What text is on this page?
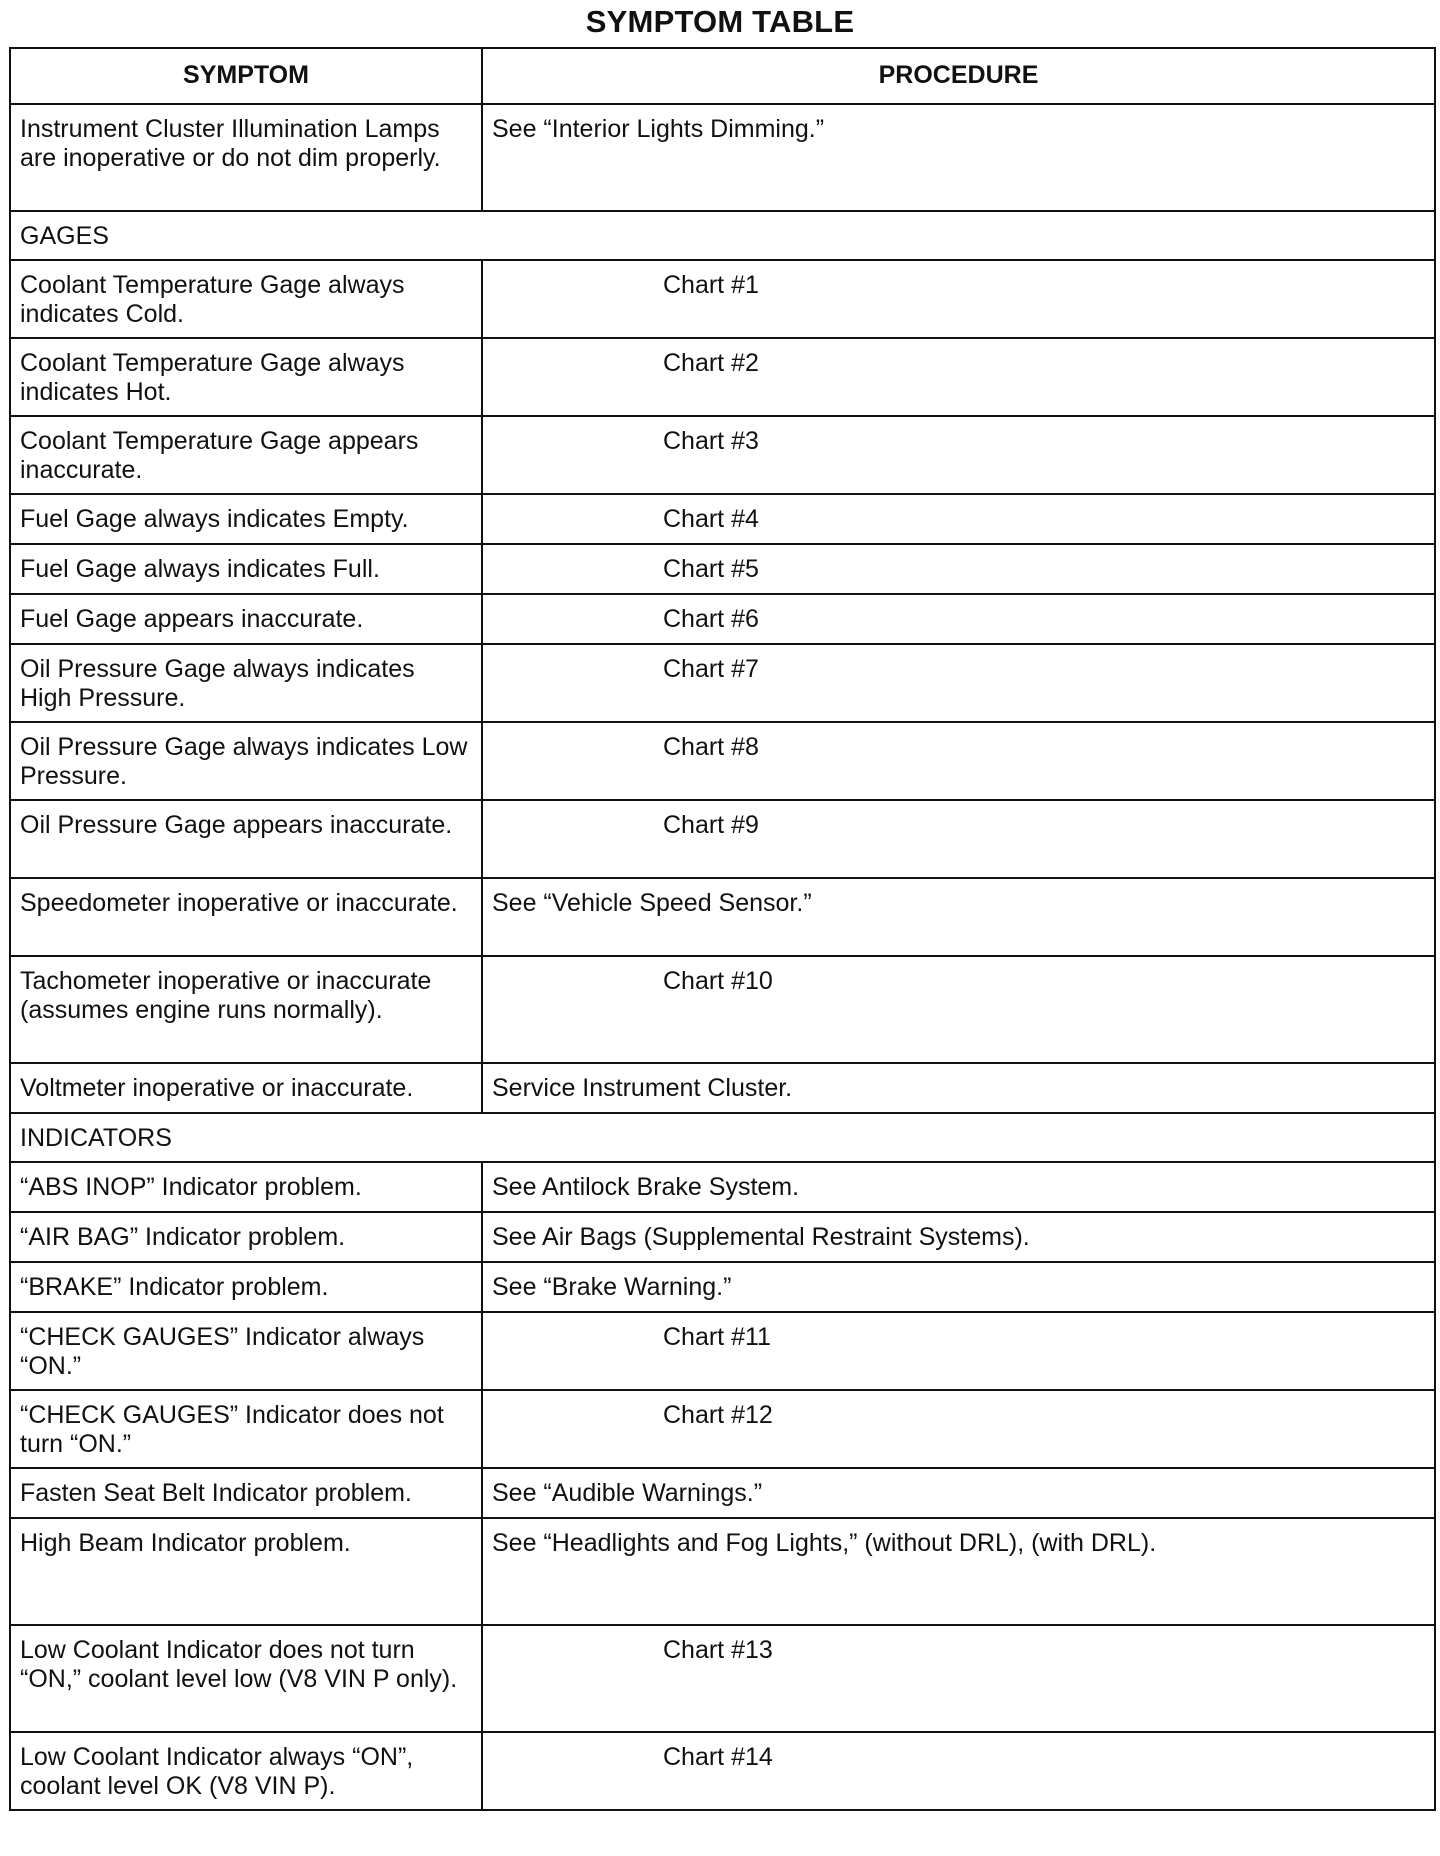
SYMPTOM TABLE
SYMPTOM	PROCEDURE
Instrument Cluster Illumination Lamps are inoperative or do not dim properly.	See “Interior Lights Dimming.”
GAGES	
Coolant Temperature Gage always indicates Cold.	Chart #1
Coolant Temperature Gage always indicates Hot.	Chart #2
Coolant Temperature Gage appears inaccurate.	Chart #3
Fuel Gage always indicates Empty.	Chart #4
Fuel Gage always indicates Full.	Chart #5
Fuel Gage appears inaccurate.	Chart #6
Oil Pressure Gage always indicates High Pressure.	Chart #7
Oil Pressure Gage always indicates Low Pressure.	Chart #8
Oil Pressure Gage appears inaccurate.	Chart #9
Speedometer inoperative or inaccurate.	See “Vehicle Speed Sensor.”
Tachometer inoperative or inaccurate (assumes engine runs normally).	Chart #10
Voltmeter inoperative or inaccurate.	Service Instrument Cluster.
INDICATORS	
“ABS INOP” Indicator problem.	See Antilock Brake System.
“AIR BAG” Indicator problem.	See Air Bags (Supplemental Restraint Systems).
“BRAKE” Indicator problem.	See “Brake Warning.”
“CHECK GAUGES” Indicator always “ON.”	Chart #11
“CHECK GAUGES” Indicator does not turn “ON.”	Chart #12
Fasten Seat Belt Indicator problem.	See “Audible Warnings.”
High Beam Indicator problem.	See “Headlights and Fog Lights,” (without DRL), (with DRL).
Low Coolant Indicator does not turn “ON,” coolant level low (V8 VIN P only).	Chart #13
Low Coolant Indicator always “ON”, coolant level OK (V8 VIN P).	Chart #14
